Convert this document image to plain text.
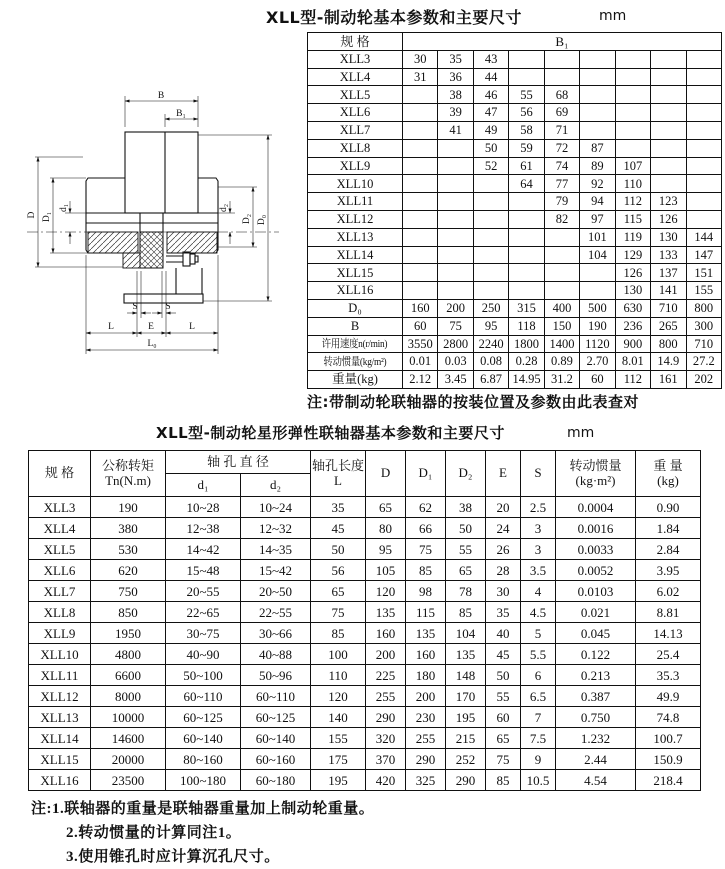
XLL型-制动轮基本参数和主要尺寸	mm
B
B₁
D D₁
d₁	d₂
D₂ D₀
S	S
L	E	L
L₀
规 格	B₁								
XLL3	30	35	43						
XLL4	31	36	44						
XLL5		38	46	55	68				
XLL6		39	47	56	69				
XLL7		41	49	58	71				
XLL8			50	59	72	87			
XLL9			52	61	74	89	107		
XLL10				64	77	92	110		
XLL11					79	94	112	123	
XLL12					82	97	115	126	
XLL13						101	119	130	144
XLL14						104	129	133	147
XLL15							126	137	151
XLL16							130	141	155
D₀	160	200	250	315	400	500	630	710	800
B	60	75	95	118	150	190	236	265	300
许用速度n(r/min)	3550	2800	2240	1800	1400	1120	900	800	710
转动惯量(kg/m²)	0.01	0.03	0.08	0.28	0.89	2.70	8.01	14.9	27.2
重量(kg)	2.12	3.45	6.87	14.95	31.2	60	112	161	202
注:带制动轮联轴器的按装位置及参数由此表查对
XLL型-制动轮星形弹性联轴器基本参数和主要尺寸	mm
规 格	公称转矩
Tn(N.m)
	轴 孔 直 径	轴孔长度
L	D	D₁	D₂	E	S	转动惯量
(kg·m²)

重 量
(kg)

		d₁	d₂								
XLL3	190	10~28	10~24	35	65	62	38	20	2.5	0.0004	0.90
XLL4	380	12~38	12~32	45	80	66	50	24	3	0.0016	1.84
XLL5	530	14~42	14~35	50	95	75	55	26	3	0.0033	2.84
XLL6	620	15~48	15~42	56	105	85	65	28	3.5	0.0052	3.95
XLL7	750	20~55	20~50	65	120	98	78	30	4	0.0103	6.02
XLL8	850	22~65	22~55	75	135	115	85	35	4.5	0.021	8.81
XLL9	1950	30~75	30~66	85	160	135	104	40	5	0.045	14.13
XLL10	4800	40~90	40~88	100	200	160	135	45	5.5	0.122	25.4
XLL11	6600	50~100	50~96	110	225	180	148	50	6	0.213	35.3
XLL12	8000	60~110	60~110	120	255	200	170	55	6.5	0.387	49.9
XLL13	10000	60~125	60~125	140	290	230	195	60	7	0.750	74.8
XLL14	14600	60~140	60~140	155	320	255	215	65	7.5	1.232	100.7
XLL15	20000	80~160	60~160	175	370	290	252	75	9	2.44	150.9
XLL16	23500	100~180	60~180	195	420	325	290	85	10.5	4.54	218.4
注:1.联轴器的重量是联轴器重量加上制动轮重量。
2.转动惯量的计算同注1。
3.使用锥孔时应计算沉孔尺寸。
